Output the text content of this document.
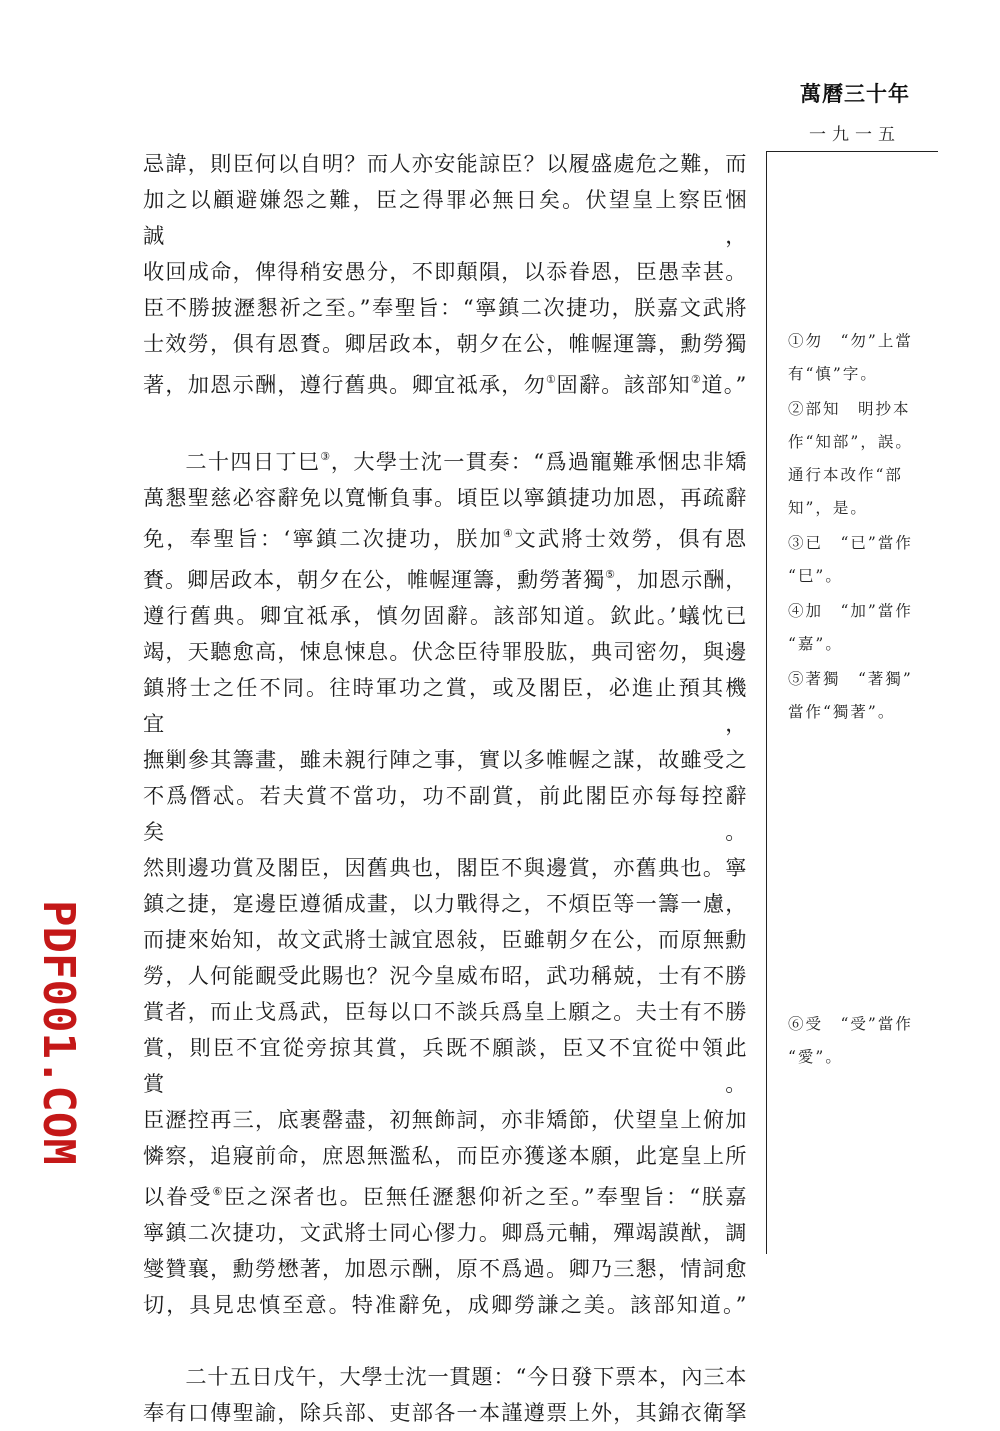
萬曆三十年
一九一五
忌諱，則臣何以自明？而人亦安能諒臣？以履盛處危之難，而
加之以顧避嫌怨之難，臣之得罪必無日矣。伏望皇上察臣悃誠，
收回成命，俾得稍安愚分，不即顛隕，以忝眷恩，臣愚幸甚。
臣不勝披瀝懇祈之至。”奉聖旨：“寧鎮二次捷功，朕嘉文武將
士效勞，俱有恩賚。卿居政本，朝夕在公，帷幄運籌，勳勞獨
著，加恩示酬，遵行舊典。卿宜祗承，勿①固辭。該部知②道。”
二十四日丁巳③，大學士沈一貫奏：“爲過寵難承悃忠非矯
萬懇聖慈必容辭免以寬慚負事。頃臣以寧鎮捷功加恩，再疏辭
免，奉聖旨：‘寧鎮二次捷功，朕加④文武將士效勞，俱有恩
賚。卿居政本，朝夕在公，帷幄運籌，勳勞著獨⑤，加恩示酬，
遵行舊典。卿宜祗承，慎勿固辭。該部知道。欽此。’蟻忱已
竭，天聽愈高，悚息悚息。伏念臣待罪股肱，典司密勿，與邊
鎮將士之任不同。往時軍功之賞，或及閣臣，必進止預其機宜，
撫剿參其籌畫，雖未親行陣之事，實以多帷幄之謀，故雖受之
不爲僭忒。若夫賞不當功，功不副賞，前此閣臣亦每每控辭矣。
然則邊功賞及閣臣，因舊典也，閣臣不與邊賞，亦舊典也。寧
鎮之捷，寔邊臣遵循成畫，以力戰得之，不煩臣等一籌一慮，
而捷來始知，故文武將士誠宜恩敍，臣雖朝夕在公，而原無勳
勞，人何能靦受此賜也？況今皇威布昭，武功稱兢，士有不勝
賞者，而止戈爲武，臣每以口不談兵爲皇上願之。夫士有不勝
賞，則臣不宜從旁掠其賞，兵既不願談，臣又不宜從中領此賞。
臣瀝控再三，底裹罄盡，初無飾詞，亦非矯節，伏望皇上俯加
憐察，追寢前命，庶恩無濫私，而臣亦獲遂本願，此寔皇上所
以眷受⑥臣之深者也。臣無任瀝懇仰祈之至。”奉聖旨：“朕嘉
寧鎮二次捷功，文武將士同心僇力。卿爲元輔，殫竭謨猷，調
燮贊襄，勳勞懋著，加恩示酬，原不爲過。卿乃三懇，情詞愈
切，具見忠慎至意。特准辭免，成卿勞謙之美。該部知道。”
二十五日戊午，大學士沈一貫題：“今日發下票本，內三本
奉有口傳聖諭，除兵部、吏部各一本謹遵票上外，其錦衣衛拏
①勿　“勿”上當
有“慎”字。
②部知　明抄本
作“知部”，誤。
通行本改作“部
知”，是。
③已　“已”當作
“巳”。
④加　“加”當作
“嘉”。
⑤著獨　“著獨”
當作“獨著”。
⑥受　“受”當作
“愛”。
PDF001.COM
